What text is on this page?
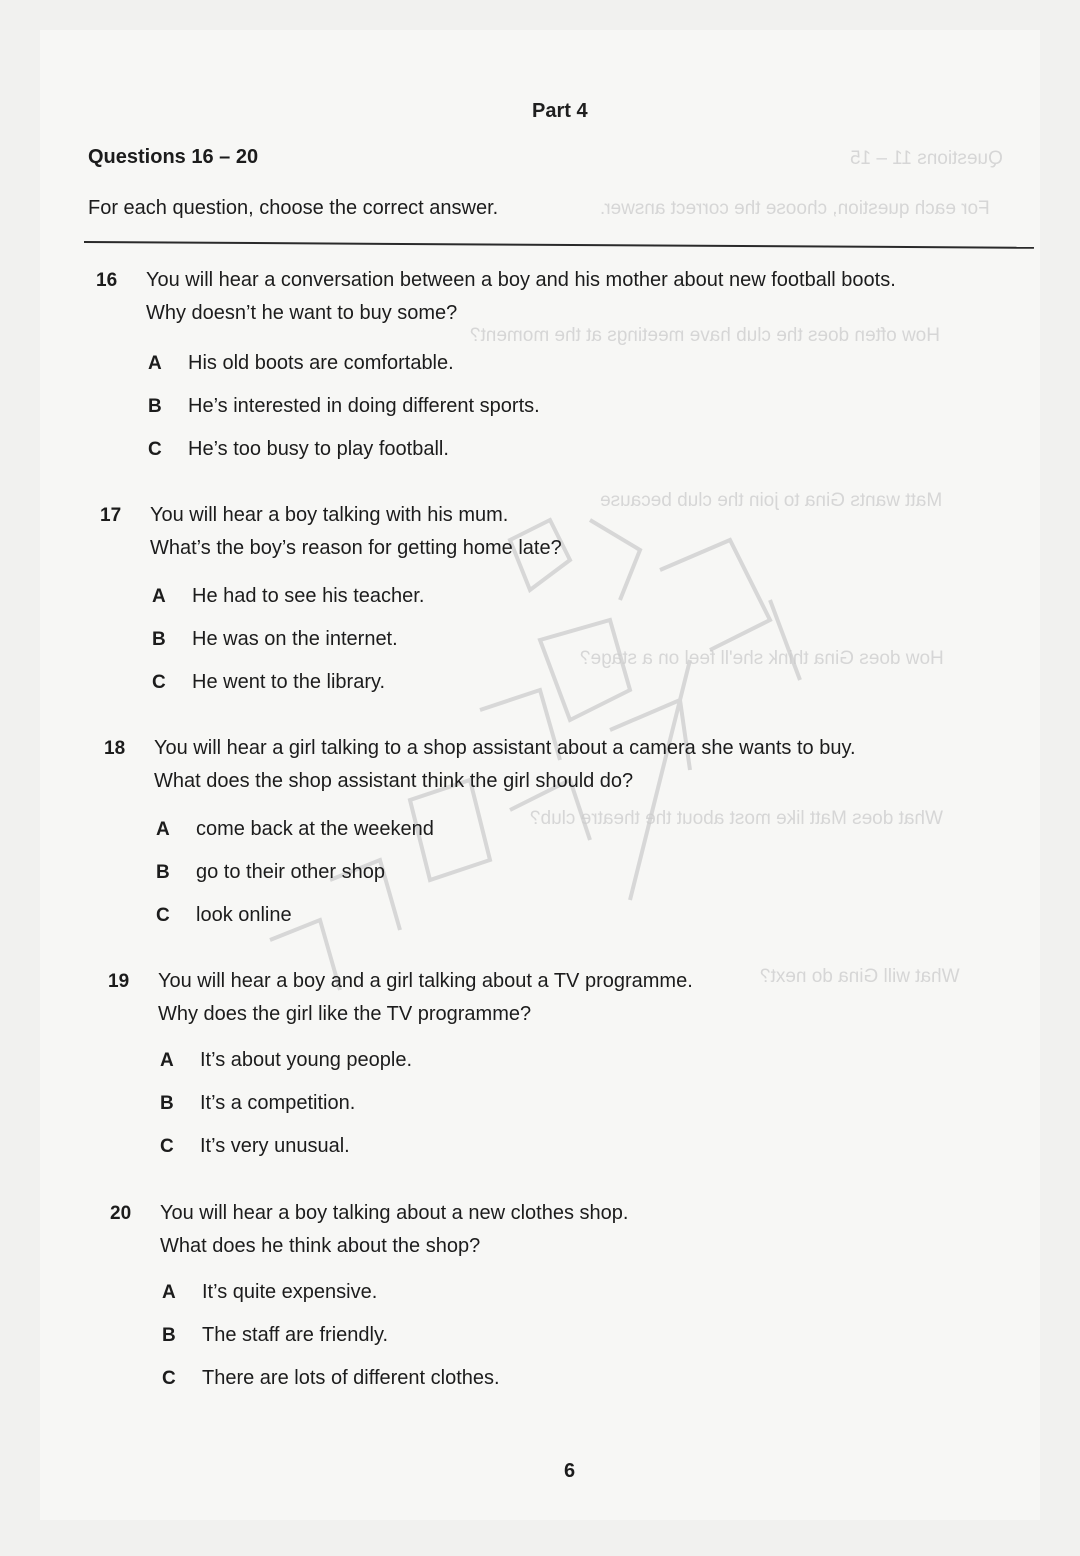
Questions 11 – 15
For each question, choose the correct answer.
How often does the club have meetings at the moment?
Matt wants Gina to join the club because
How does Gina think she'll feel on a stage?
What does Matt like most about the theatre club?
What will Gina do next?
Part 4
Questions 16 – 20
For each question, choose the correct answer.
16 You will hear a conversation between a boy and his mother about new football boots.
Why doesn’t he want to buy some?
A His old boots are comfortable.
B He’s interested in doing different sports.
C He’s too busy to play football.
17 You will hear a boy talking with his mum.
What’s the boy’s reason for getting home late?
A He had to see his teacher.
B He was on the internet.
C He went to the library.
18 You will hear a girl talking to a shop assistant about a camera she wants to buy.
What does the shop assistant think the girl should do?
A come back at the weekend
B go to their other shop
C look online
19 You will hear a boy and a girl talking about a TV programme.
Why does the girl like the TV programme?
A It’s about young people.
B It’s a competition.
C It’s very unusual.
20 You will hear a boy talking about a new clothes shop.
What does he think about the shop?
A It’s quite expensive.
B The staff are friendly.
C There are lots of different clothes.
6
